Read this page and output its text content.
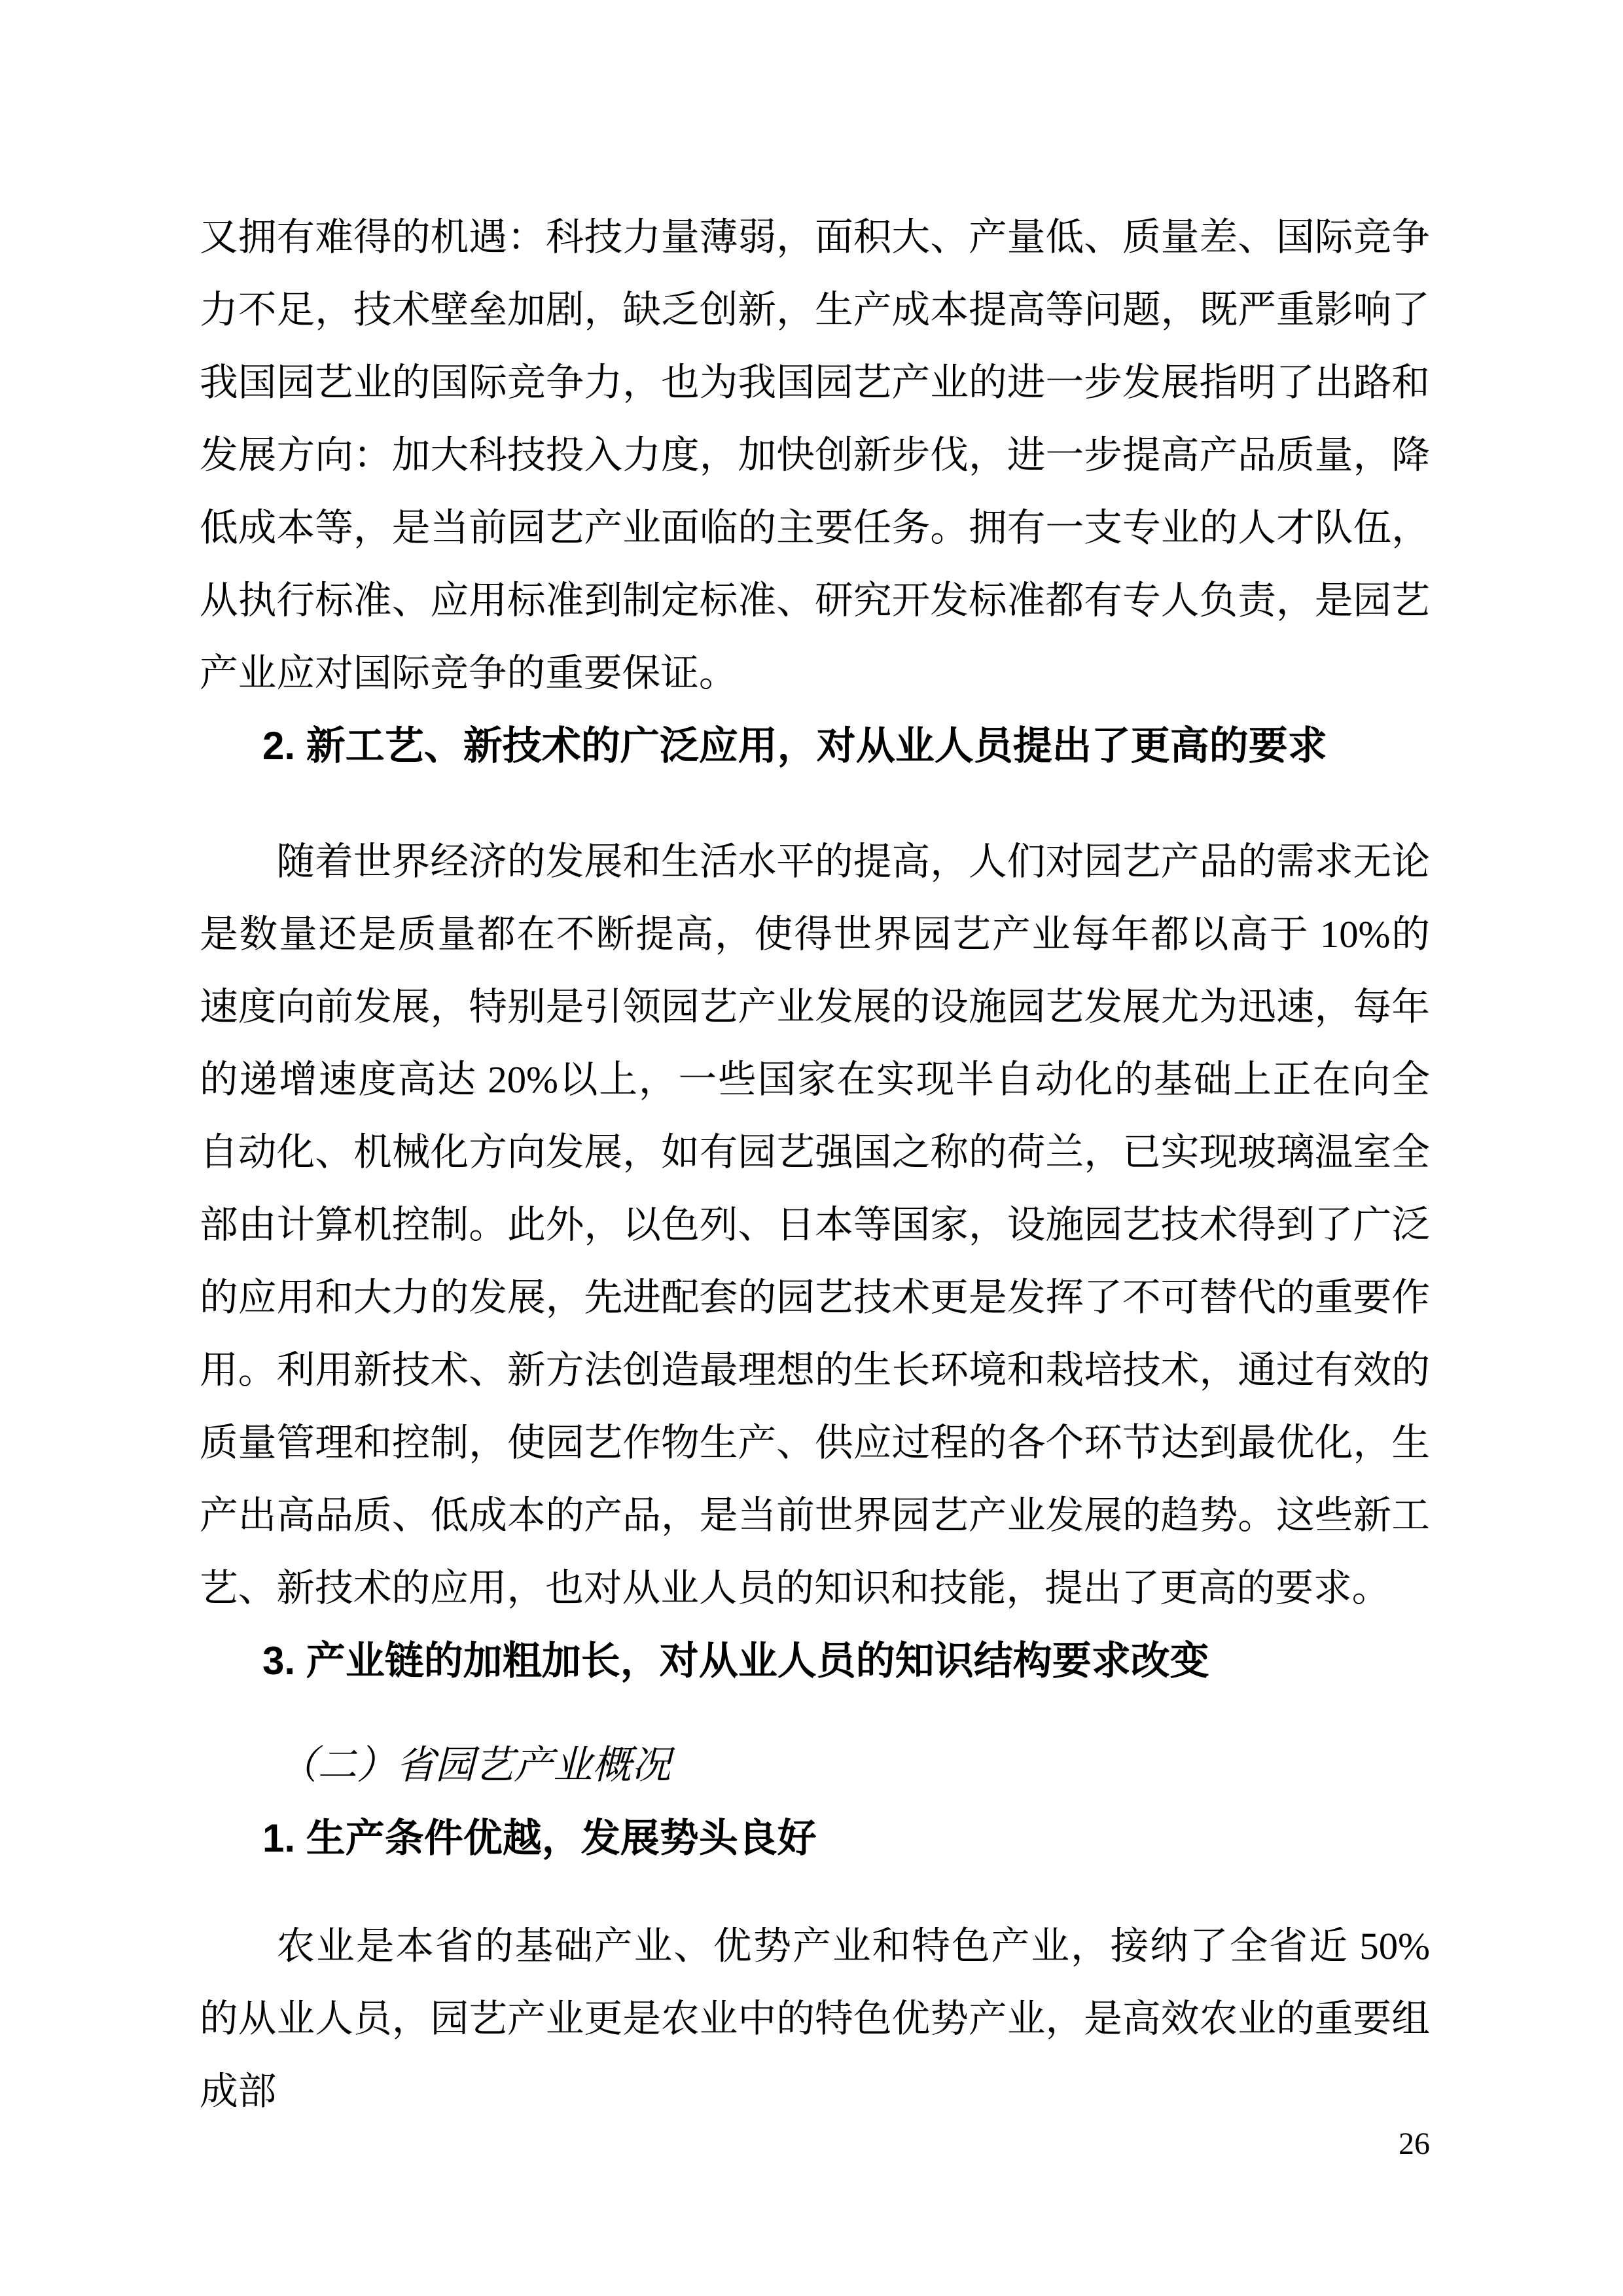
又拥有难得的机遇：科技力量薄弱，面积大、产量低、质量差、国际竞争力不足，技术壁垒加剧，缺乏创新，生产成本提高等问题，既严重影响了我国园艺业的国际竞争力，也为我国园艺产业的进一步发展指明了出路和发展方向：加大科技投入力度，加快创新步伐，进一步提高产品质量，降低成本等，是当前园艺产业面临的主要任务。拥有一支专业的人才队伍，从执行标准、应用标准到制定标准、研究开发标准都有专人负责，是园艺产业应对国际竞争的重要保证。

2. 新工艺、新技术的广泛应用，对从业人员提出了更高的要求

随着世界经济的发展和生活水平的提高，人们对园艺产品的需求无论是数量还是质量都在不断提高，使得世界园艺产业每年都以高于 10%的速度向前发展，特别是引领园艺产业发展的设施园艺发展尤为迅速，每年的递增速度高达 20%以上，一些国家在实现半自动化的基础上正在向全自动化、机械化方向发展，如有园艺强国之称的荷兰，已实现玻璃温室全部由计算机控制。此外，以色列、日本等国家，设施园艺技术得到了广泛的应用和大力的发展，先进配套的园艺技术更是发挥了不可替代的重要作用。利用新技术、新方法创造最理想的生长环境和栽培技术，通过有效的质量管理和控制，使园艺作物生产、供应过程的各个环节达到最优化，生产出高品质、低成本的产品，是当前世界园艺产业发展的趋势。这些新工艺、新技术的应用，也对从业人员的知识和技能，提出了更高的要求。

3. 产业链的加粗加长，对从业人员的知识结构要求改变

（二）省园艺产业概况

1. 生产条件优越，发展势头良好

农业是本省的基础产业、优势产业和特色产业，接纳了全省近 50%的从业人员，园艺产业更是农业中的特色优势产业，是高效农业的重要组成部

26
